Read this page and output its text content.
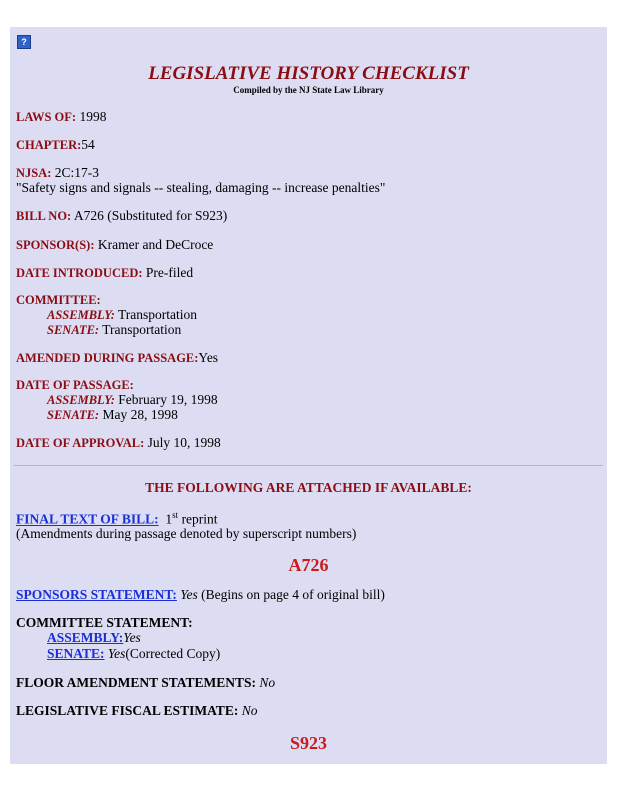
?
LEGISLATIVE HISTORY CHECKLIST
Compiled by the NJ State Law Library
LAWS OF: 1998
CHAPTER:54
NJSA: 2C:17-3
"Safety signs and signals -- stealing, damaging -- increase penalties"
BILL NO: A726 (Substituted for S923)
SPONSOR(S): Kramer and DeCroce
DATE INTRODUCED: Pre-filed
COMMITTEE:
ASSEMBLY: Transportation
SENATE: Transportation
AMENDED DURING PASSAGE:Yes
DATE OF PASSAGE:
ASSEMBLY: February 19, 1998
SENATE: May 28, 1998
DATE OF APPROVAL: July 10, 1998
THE FOLLOWING ARE ATTACHED IF AVAILABLE:
FINAL TEXT OF BILL: 1st reprint
(Amendments during passage denoted by superscript numbers)
A726
SPONSORS STATEMENT: Yes (Begins on page 4 of original bill)
COMMITTEE STATEMENT:
ASSEMBLY:Yes
SENATE: Yes(Corrected Copy)
FLOOR AMENDMENT STATEMENTS: No
LEGISLATIVE FISCAL ESTIMATE: No
S923
